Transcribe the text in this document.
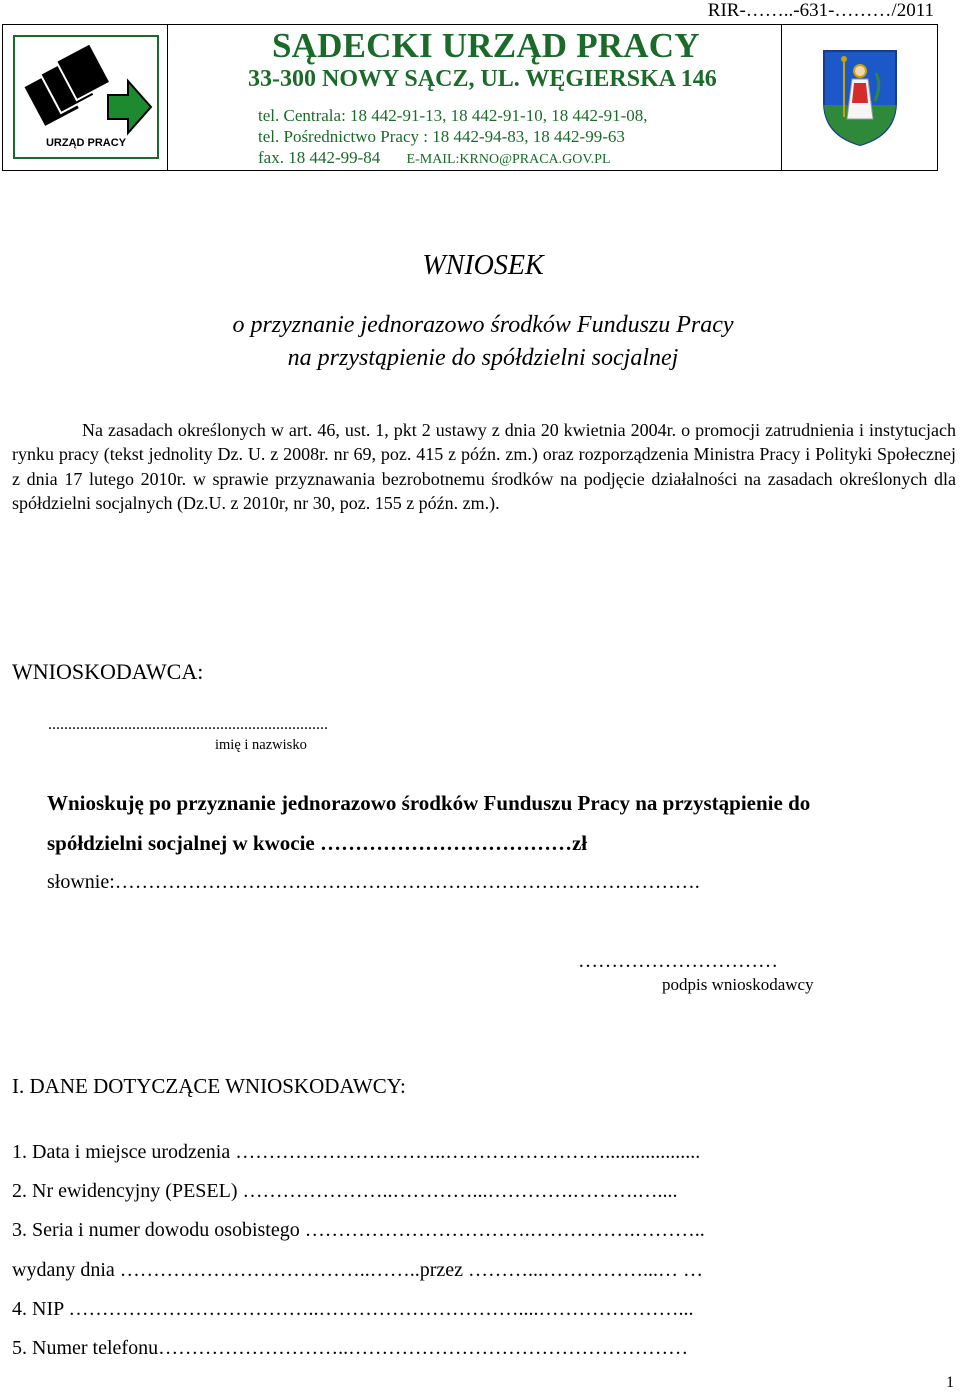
RIR-……..-631-………/2011
URZĄD PRACY
SĄDECKI URZĄD PRACY
33-300 NOWY SĄCZ, UL. WĘGIERSKA 146
tel. Centrala: 18 442-91-13, 18 442-91-10, 18 442-91-08,
tel. Pośrednictwo Pracy : 18 442-94-83, 18 442-99-63
fax. 18 442-99-84 E-MAIL:KRNO@PRACA.GOV.PL
WNIOSEK
o przyznanie jednorazowo środków Funduszu Pracy
na przystąpienie do spółdzielni socjalnej
Na zasadach określonych w art. 46, ust. 1, pkt 2 ustawy z dnia 20 kwietnia 2004r. o promocji zatrudnienia i instytucjach rynku pracy (tekst jednolity Dz. U. z 2008r. nr 69, poz. 415 z późn. zm.) oraz rozporządzenia Ministra Pracy i Polityki Społecznej z dnia 17 lutego 2010r. w sprawie przyznawania bezrobotnemu środków na podjęcie działalności na zasadach określonych dla spółdzielni socjalnych (Dz.U. z 2010r, nr 30, poz. 155 z późn. zm.).
WNIOSKODAWCA:
......................................................................
imię i nazwisko
Wnioskuję po przyznanie jednorazowo środków Funduszu Pracy na przystąpienie do
spółdzielni socjalnej w kwocie ………………………………zł
słownie:…………………………………………………………………………….
…………………………
podpis wnioskodawcy
I. DANE DOTYCZĄCE WNIOSKODAWCY:
1. Data i miejsce urodzenia …………………………..……………………...................
2. Nr ewidencyjny (PESEL) …………………..…………...………….……….…....
3. Seria i numer dowodu osobistego …………………………….…………….………..
wydany dnia ………………………………..……..przez ………...……………...… …
4. NIP ………………………………..…………………………....…………………...
5. Numer telefonu………………………..……………………………………………
1
